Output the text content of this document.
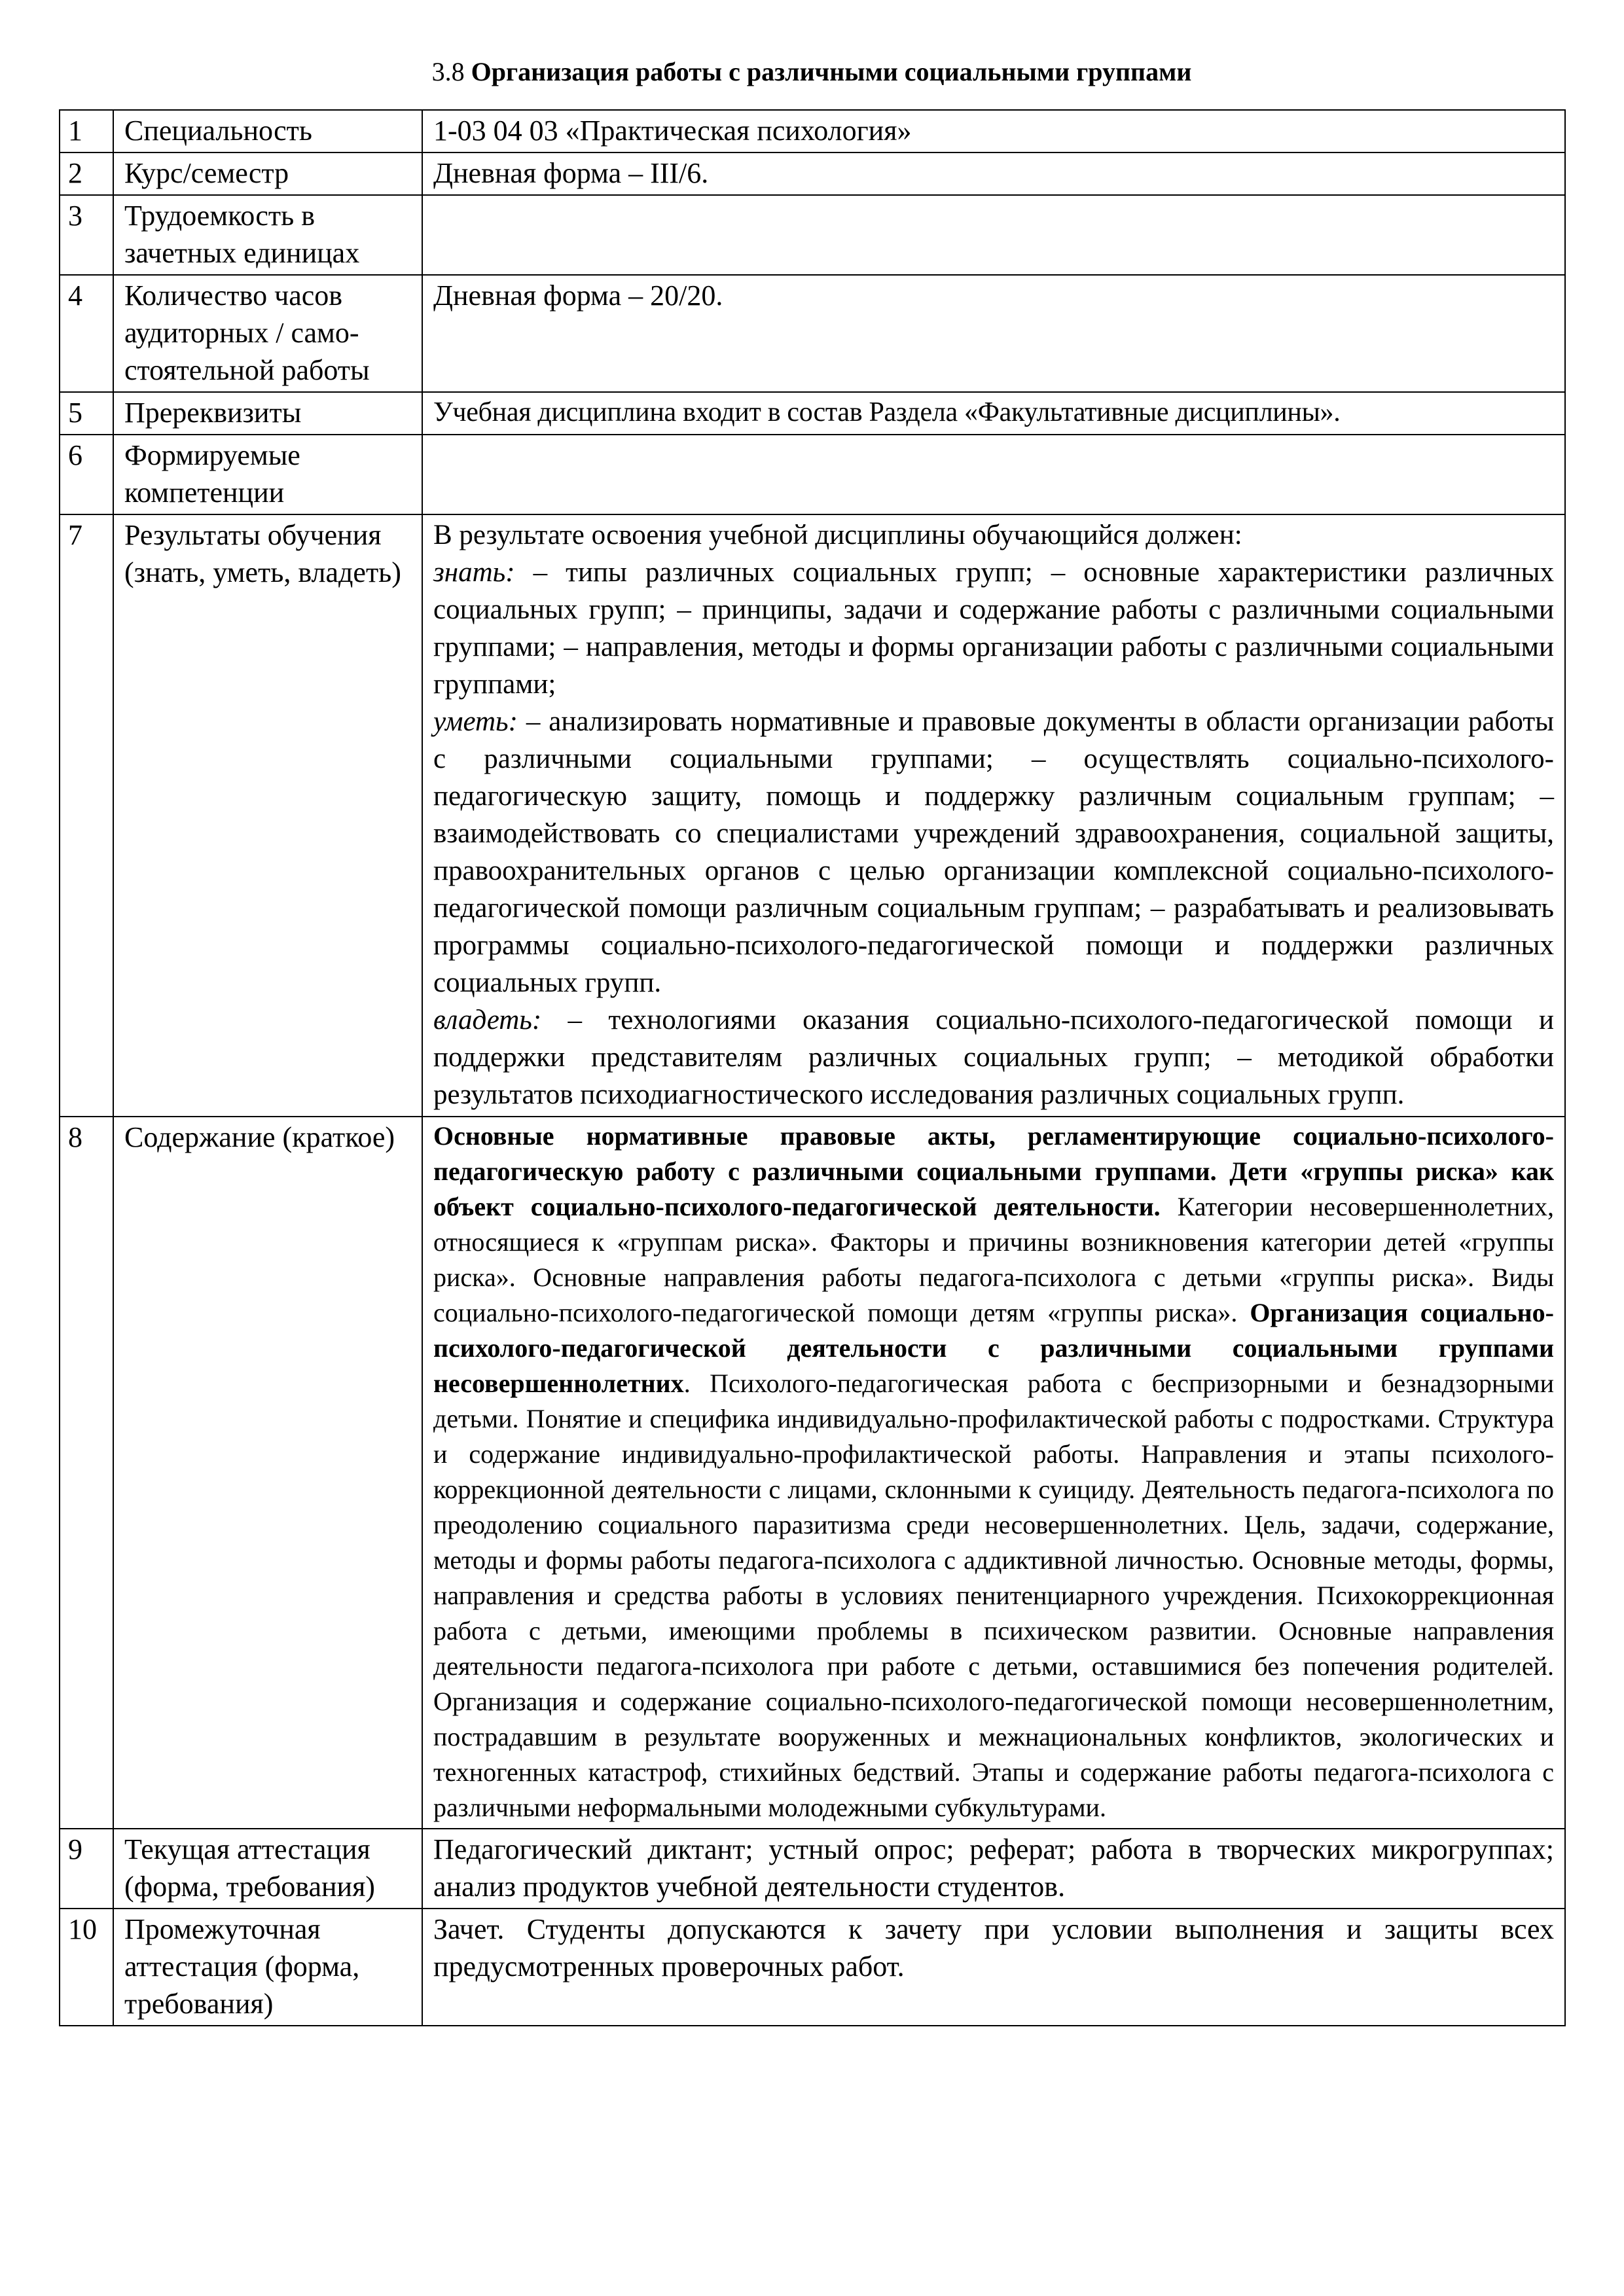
3.8 Организация работы с различными социальными группами
1	Специальность	1-03 04 03 «Практическая психология»
2	Курс/семестр	Дневная форма – III/6.
3	Трудоемкость в зачетных единицах	
4	Количество часов аудиторных / само-стоятельной работы	Дневная форма – 20/20.
5	Пререквизиты	Учебная дисциплина входит в состав Раздела «Факультативные дисциплины».
6	Формируемые компетенции	
7	Результаты обучения (знать, уметь, владеть)	В результате освоения учебной дисциплины обучающийся должен:
знать: – типы различных социальных групп; – основные характеристики различных социальных групп; – принципы, задачи и содержание работы с различными социальными группами; – направления, методы и формы организации работы с различными социальными группами;
уметь: – анализировать нормативные и правовые документы в области организации работы с различными социальными группами; – осуществлять социально-психолого-педагогическую защиту, помощь и поддержку различным социальным группам; – взаимодействовать со специалистами учреждений здравоохранения, социальной защиты, правоохранительных органов с целью организации комплексной социально-психолого-педагогической помощи различным социальным группам; – разрабатывать и реализовывать программы социально-психолого-педагогической помощи и поддержки различных социальных групп.
владеть: – технологиями оказания социально-психолого-педагогической помощи и поддержки представителям различных социальных групп; – методикой обработки результатов психодиагностического исследования различных социальных групп.

8	Содержание (краткое)	Основные нормативные правовые акты, регламентирующие социально-психолого-педагогическую работу с различными социальными группами. Дети «группы риска» как объект социально-психолого-педагогической деятельности. Категории несовершеннолетних, относящиеся к «группам риска». Факторы и причины возникновения категории детей «группы риска». Основные направления работы педагога-психолога с детьми «группы риска». Виды социально-психолого-педагогической помощи детям «группы риска». Организация социально-психолого-педагогической деятельности с различными социальными группами несовершеннолетних. Психолого-педагогическая работа с беспризорными и безнадзорными детьми. Понятие и специфика индивидуально-профилактической работы с подростками. Структура и содержание индивидуально-профилактической работы. Направления и этапы психолого-коррекционной деятельности с лицами, склонными к суициду. Деятельность педагога-психолога по преодолению социального паразитизма среди несовершеннолетних. Цель, задачи, содержание, методы и формы работы педагога-психолога с аддиктивной личностью. Основные методы, формы, направления и средства работы в условиях пенитенциарного учреждения. Психокоррекционная работа с детьми, имеющими проблемы в психическом развитии. Основные направления деятельности педагога-психолога при работе с детьми, оставшимися без попечения родителей. Организация и содержание социально-психолого-педагогической помощи несовершеннолетним, пострадавшим в результате вооруженных и межнациональных конфликтов, экологических и техногенных катастроф, стихийных бедствий. Этапы и содержание работы педагога-психолога с различными неформальными молодежными субкультурами.
9	Текущая аттестация (форма, требования)	Педагогический диктант; устный опрос; реферат; работа в творческих микрогруппах; анализ продуктов учебной деятельности студентов.
10	Промежуточная аттестация (форма, требования)	Зачет. Студенты допускаются к зачету при условии выполнения и защиты всех предусмотренных проверочных работ.
